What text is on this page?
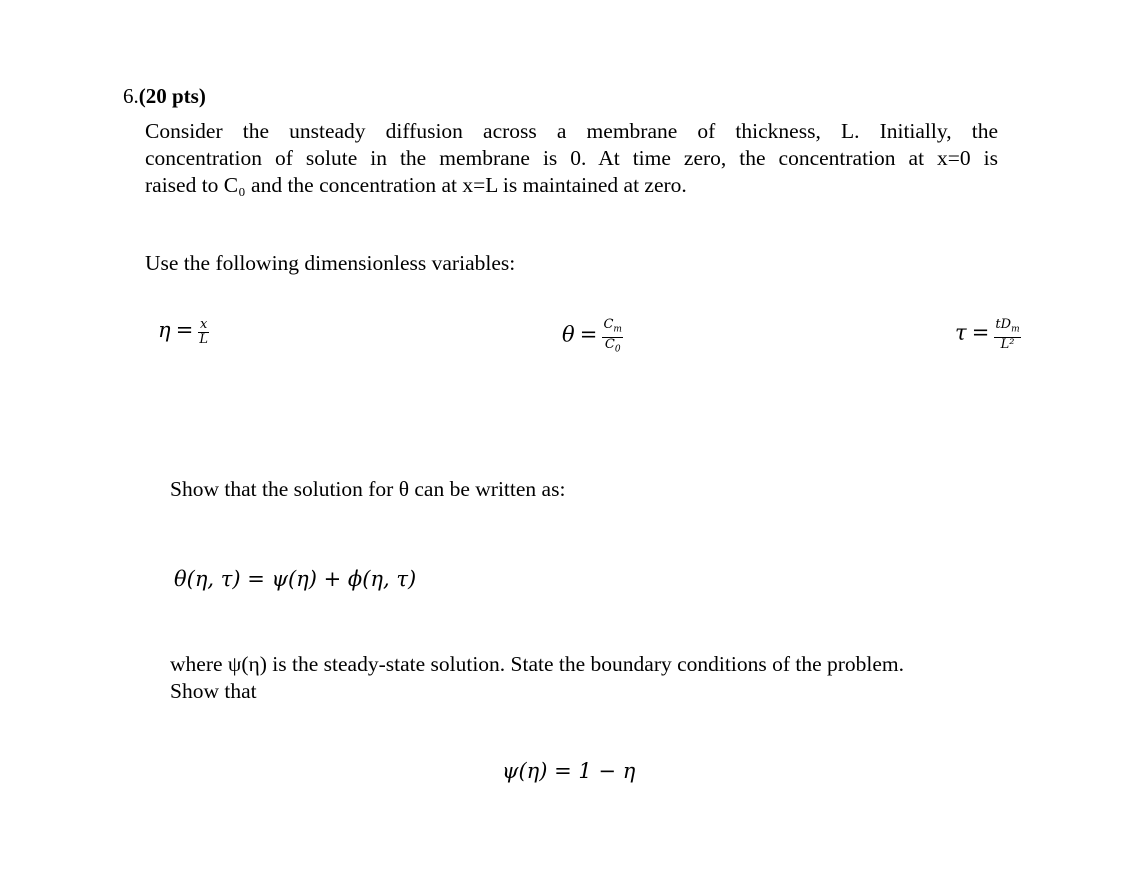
6.(20 pts)
Consider the unsteady diffusion across a membrane of thickness, L. Initially, the
concentration of solute in the membrane is 0. At time zero, the concentration at x=0 is
raised to C₀ and the concentration at x=L is maintained at zero.
Use the following dimensionless variables:
$\eta = \frac{x}{L}$	$\theta = \frac{C_m}{C_0}$	$\tau = \frac{tD_m}{\text{L²}}$
Show that the solution for θ can be written as:
θ(η, τ) = ψ(η) + ϕ(η, τ)
where ψ(η) is the steady-state solution. State the boundary conditions of the problem.
Show that
ψ(η) = 1 − η
